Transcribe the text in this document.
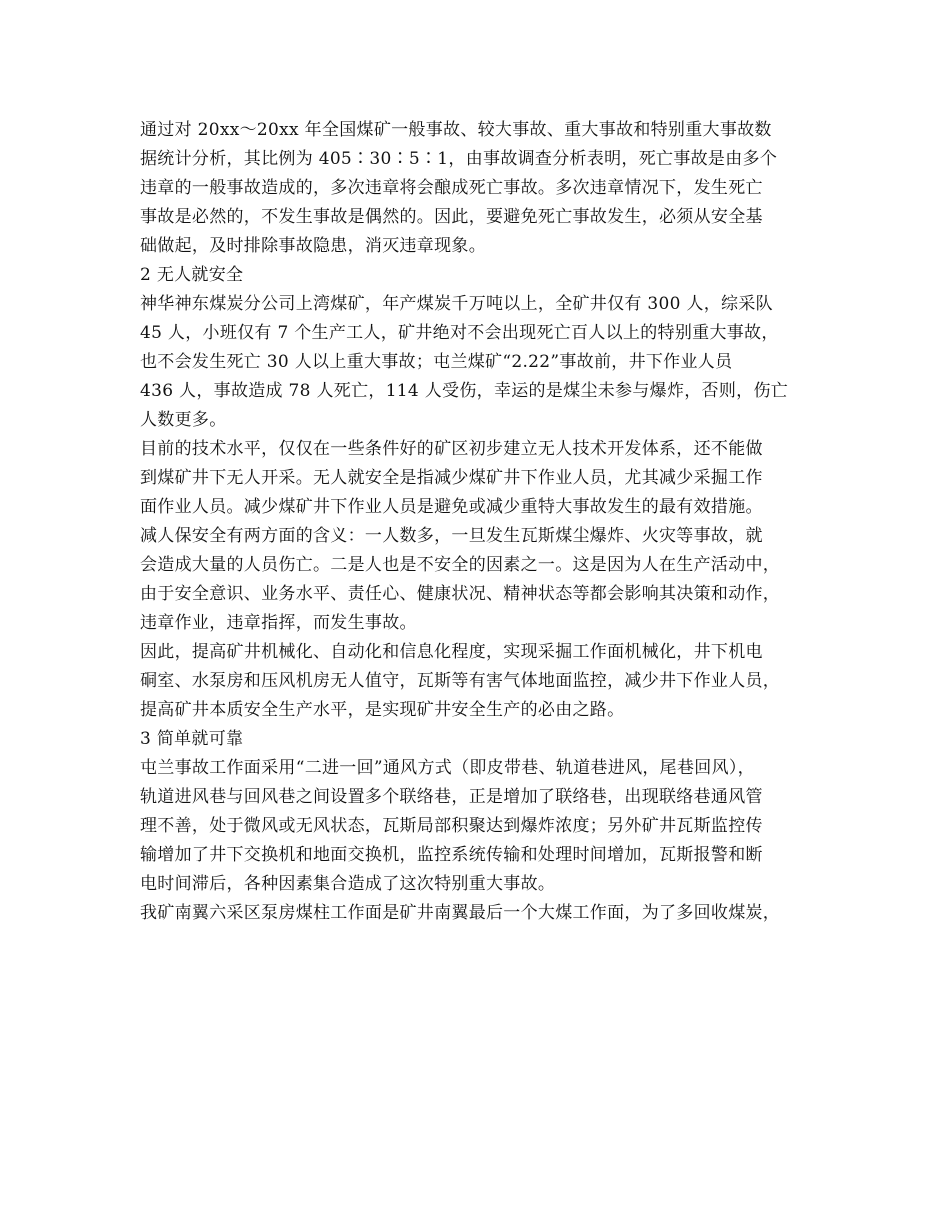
通过对 20xx～20xx 年全国煤矿一般事故、较大事故、重大事故和特别重大事故数
据统计分析，其比例为 405∶30∶5∶1，由事故调查分析表明，死亡事故是由多个
违章的一般事故造成的，多次违章将会酿成死亡事故。多次违章情况下，发生死亡
事故是必然的，不发生事故是偶然的。因此，要避免死亡事故发生，必须从安全基
础做起，及时排除事故隐患，消灭违章现象。
2 无人就安全
神华神东煤炭分公司上湾煤矿，年产煤炭千万吨以上，全矿井仅有 300 人，综采队
45 人，小班仅有 7 个生产工人，矿井绝对不会出现死亡百人以上的特别重大事故，
也不会发生死亡 30 人以上重大事故；屯兰煤矿“2.22”事故前，井下作业人员
436 人，事故造成 78 人死亡，114 人受伤，幸运的是煤尘未参与爆炸，否则，伤亡
人数更多。
目前的技术水平，仅仅在一些条件好的矿区初步建立无人技术开发体系，还不能做
到煤矿井下无人开采。无人就安全是指减少煤矿井下作业人员，尤其减少采掘工作
面作业人员。减少煤矿井下作业人员是避免或减少重特大事故发生的最有效措施。
减人保安全有两方面的含义：一人数多，一旦发生瓦斯煤尘爆炸、火灾等事故，就
会造成大量的人员伤亡。二是人也是不安全的因素之一。这是因为人在生产活动中，
由于安全意识、业务水平、责任心、健康状况、精神状态等都会影响其决策和动作，
违章作业，违章指挥，而发生事故。
因此，提高矿井机械化、自动化和信息化程度，实现采掘工作面机械化，井下机电
硐室、水泵房和压风机房无人值守，瓦斯等有害气体地面监控，减少井下作业人员，
提高矿井本质安全生产水平，是实现矿井安全生产的必由之路。
3 简单就可靠
屯兰事故工作面采用“二进一回”通风方式（即皮带巷、轨道巷进风，尾巷回风），
轨道进风巷与回风巷之间设置多个联络巷，正是增加了联络巷，出现联络巷通风管
理不善，处于微风或无风状态，瓦斯局部积聚达到爆炸浓度；另外矿井瓦斯监控传
输增加了井下交换机和地面交换机，监控系统传输和处理时间增加，瓦斯报警和断
电时间滞后，各种因素集合造成了这次特别重大事故。
我矿南翼六采区泵房煤柱工作面是矿井南翼最后一个大煤工作面，为了多回收煤炭，
